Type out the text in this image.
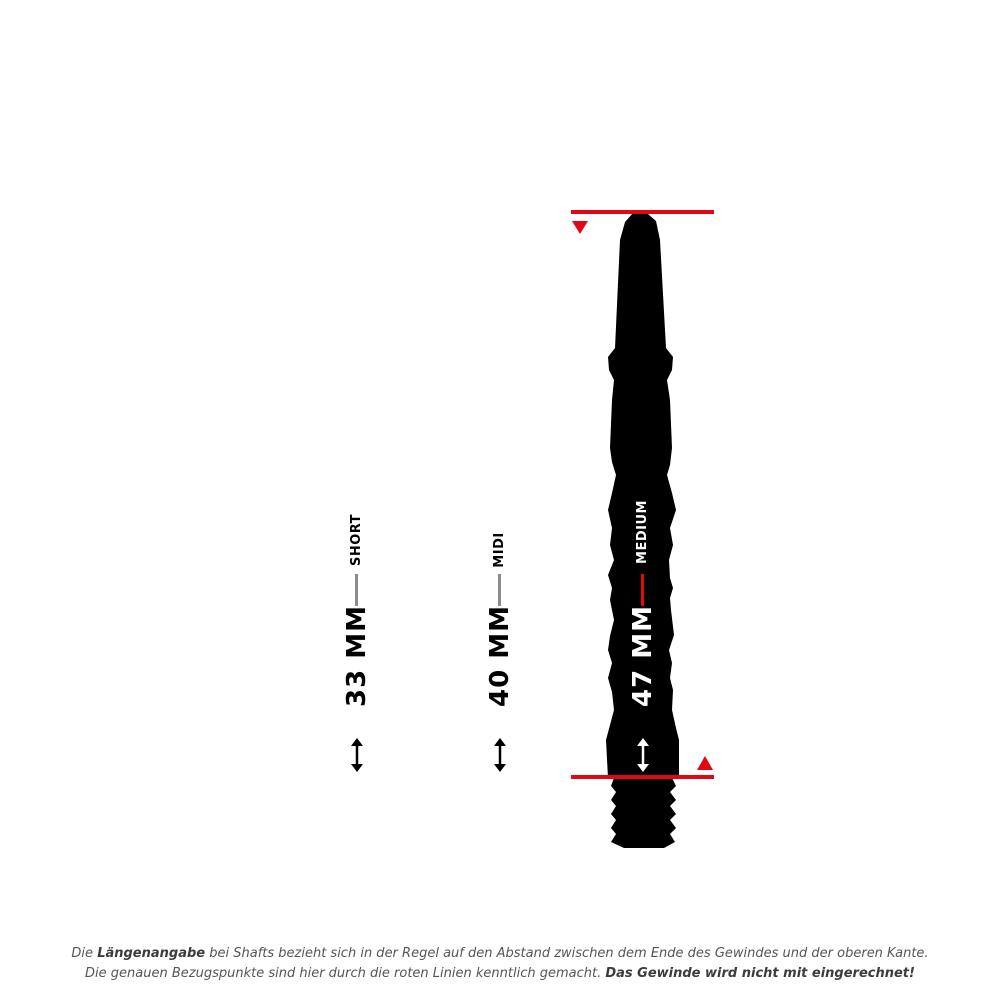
SHORT
33 MM
MIDI
40 MM
MEDIUM
47 MM
Die Längenangabe bei Shafts bezieht sich in der Regel auf den Abstand zwischen dem Ende des Gewindes und der oberen Kante.
Die genauen Bezugspunkte sind hier durch die roten Linien kenntlich gemacht. Das Gewinde wird nicht mit eingerechnet!
